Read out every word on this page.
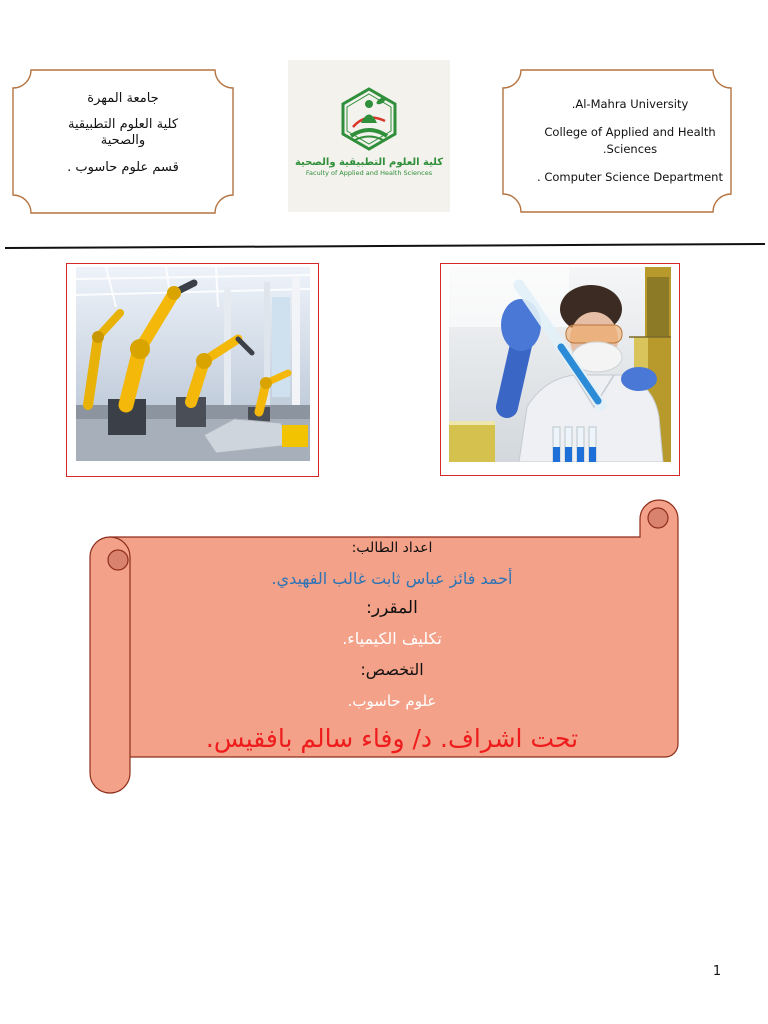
جامعة المهرة
كلية العلوم التطبيقية
والصحية
قسم علوم حاسوب .	كلية العلوم التطبيقية والصحية
Faculty of Applied and Health Sciences
.Al-Mahra University
College of Applied and Health
.Sciences
. Computer Science Department
اعداد الطالب:
أحمد فائز عباس ثابت غالب الفهيدي.
المقرر:
تكليف الكيمياء.
التخصص:
علوم حاسوب.
تحت اشراف. د/ وفاء سالم بافقيس.
1
